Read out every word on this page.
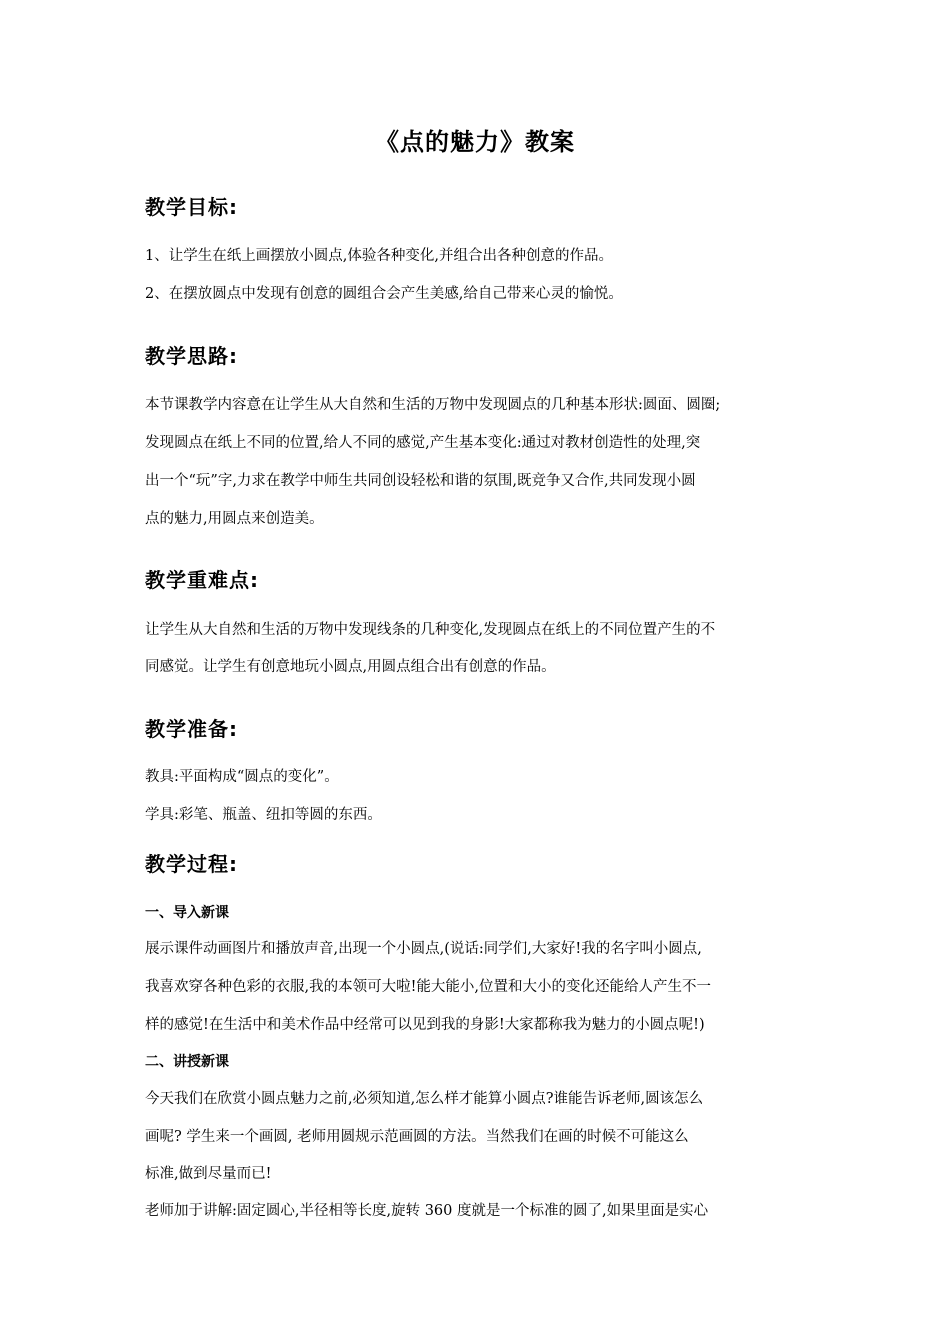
《点的魅力》教案
教学目标:
1、让学生在纸上画摆放小圆点,体验各种变化,并组合出各种创意的作品。
2、在摆放圆点中发现有创意的圆组合会产生美感,给自己带来心灵的愉悦。
教学思路:
本节课教学内容意在让学生从大自然和生活的万物中发现圆点的几种基本形状:圆面、圆圈;
发现圆点在纸上不同的位置,给人不同的感觉,产生基本变化:通过对教材创造性的处理,突
出一个“玩”字,力求在教学中师生共同创设轻松和谐的氛围,既竞争又合作,共同发现小圆
点的魅力,用圆点来创造美。
教学重难点:
让学生从大自然和生活的万物中发现线条的几种变化,发现圆点在纸上的不同位置产生的不
同感觉。让学生有创意地玩小圆点,用圆点组合出有创意的作品。
教学准备:
教具:平面构成“圆点的变化”。
学具:彩笔、瓶盖、纽扣等圆的东西。
教学过程:
一、导入新课
展示课件动画图片和播放声音,出现一个小圆点,(说话:同学们,大家好!我的名字叫小圆点,
我喜欢穿各种色彩的衣服,我的本领可大啦!能大能小,位置和大小的变化还能给人产生不一
样的感觉!在生活中和美术作品中经常可以见到我的身影!大家都称我为魅力的小圆点呢!)
二、讲授新课
今天我们在欣赏小圆点魅力之前,必须知道,怎么样才能算小圆点?谁能告诉老师,圆该怎么
画呢? 学生来一个画圆, 老师用圆规示范画圆的方法。当然我们在画的时候不可能这么
标准,做到尽量而已!
老师加于讲解:固定圆心,半径相等长度,旋转 360 度就是一个标准的圆了,如果里面是实心
